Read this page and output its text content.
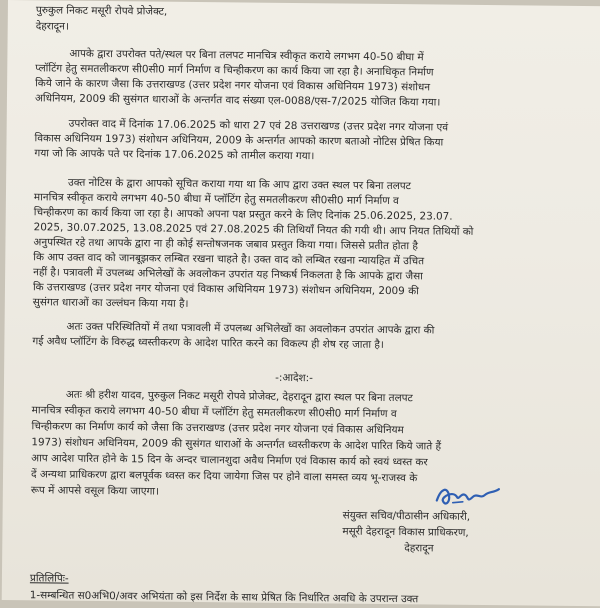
पुरुकुल निकट मसूरी रोपवे प्रोजेक्ट,
देहरादून।
आपके द्वारा उपरोक्त पते/स्थल पर बिना तलपट मानचित्र स्वीकृत कराये लगभग 40-50 बीघा में
प्लॉटिंग हेतु समतलीकरण सी0सी0 मार्ग निर्माण व चिन्हीकरण का कार्य किया जा रहा है। अनाधिकृत निर्माण
किये जाने के कारण जैसा कि उत्तराखण्ड (उत्तर प्रदेश नगर योजना एवं विकास अधिनियम 1973) संशोधन
अधिनियम, 2009 की सुसंगत धाराओं के अन्तर्गत वाद संख्या एल-0088/एस-7/2025 योजित किया गया।
उपरोक्त वाद में दिनांक 17.06.2025 को धारा 27 एवं 28 उत्तराखण्ड (उत्तर प्रदेश नगर योजना एवं
विकास अधिनियम 1973) संशोधन अधिनियम, 2009 के अन्तर्गत आपको कारण बताओ नोटिस प्रेषित किया
गया जो कि आपके पते पर दिनांक 17.06.2025 को तामील कराया गया।
उक्त नोटिस के द्वारा आपको सूचित कराया गया था कि आप द्वारा उक्त स्थल पर बिना तलपट
मानचित्र स्वीकृत कराये लगभग 40-50 बीघा में प्लॉटिंग हेतु समतलीकरण सी0सी0 मार्ग निर्माण व
चिन्हीकरण का कार्य किया जा रहा है। आपको अपना पक्ष प्रस्तुत करने के लिए दिनांक 25.06.2025, 23.07.
2025, 30.07.2025, 13.08.2025 एवं 27.08.2025 की तिथियाँ नियत की गयी थी। आप नियत तिथियों को
अनुपस्थित रहे तथा आपके द्वारा ना ही कोई सन्तोषजनक जबाव प्रस्तुत किया गया। जिससे प्रतीत होता है
कि आप उक्त वाद को जानबूझकर लम्बित रखना चाहते है। उक्त वाद को लम्बित रखना न्यायहित में उचित
नहीं है। पत्रावली में उपलब्ध अभिलेखों के अवलोकन उपरांत यह निष्कर्ष निकलता है कि आपके द्वारा जैसा
कि उत्तराखण्ड (उत्तर प्रदेश नगर योजना एवं विकास अधिनियम 1973) संशोधन अधिनियम, 2009 की
सुसंगत धाराओं का उल्लंघन किया गया है।
अतः उक्त परिस्थितियों में तथा पत्रावली में उपलब्ध अभिलेखों का अवलोकन उपरांत आपके द्वारा की
गई अवैध प्लॉटिंग के विरुद्ध ध्वस्तीकरण के आदेश पारित करने का विकल्प ही शेष रह जाता है।
-:आदेश:-
अतः श्री हरीश यादव, पुरुकुल निकट मसूरी रोपवे प्रोजेक्ट, देहरादून द्वारा स्थल पर बिना तलपट
मानचित्र स्वीकृत कराये लगभग 40-50 बीघा में प्लॉटिंग हेतु समतलीकरण सी0सी0 मार्ग निर्माण व
चिन्हीकरण का निर्माण कार्य को जैसा कि उत्तराखण्ड (उत्तर प्रदेश नगर योजना एवं विकास अधिनियम
1973) संशोधन अधिनियम, 2009 की सुसंगत धाराओं के अन्तर्गत ध्वस्तीकरण के आदेश पारित किये जाते हैं
आप आदेश पारित होने के 15 दिन के अन्दर चालानशुदा अवैध निर्माण एवं विकास कार्य को स्वयं ध्वस्त कर
दें अन्यथा प्राधिकरण द्वारा बलपूर्वक ध्वस्त कर दिया जायेगा जिस पर होने वाला समस्त व्यय भू-राजस्व के
रूप में आपसे वसूल किया जाएगा।
संयुक्त सचिव/पीठासीन अधिकारी,
मसूरी देहरादून विकास प्राधिकरण,
देहरादून
प्रतिलिपिः-
1-सम्बन्धित स0अभि0/अवर अभियंता को इस निर्देश के साथ प्रेषित कि निर्धारित अवधि के उपरान्त उक्त
